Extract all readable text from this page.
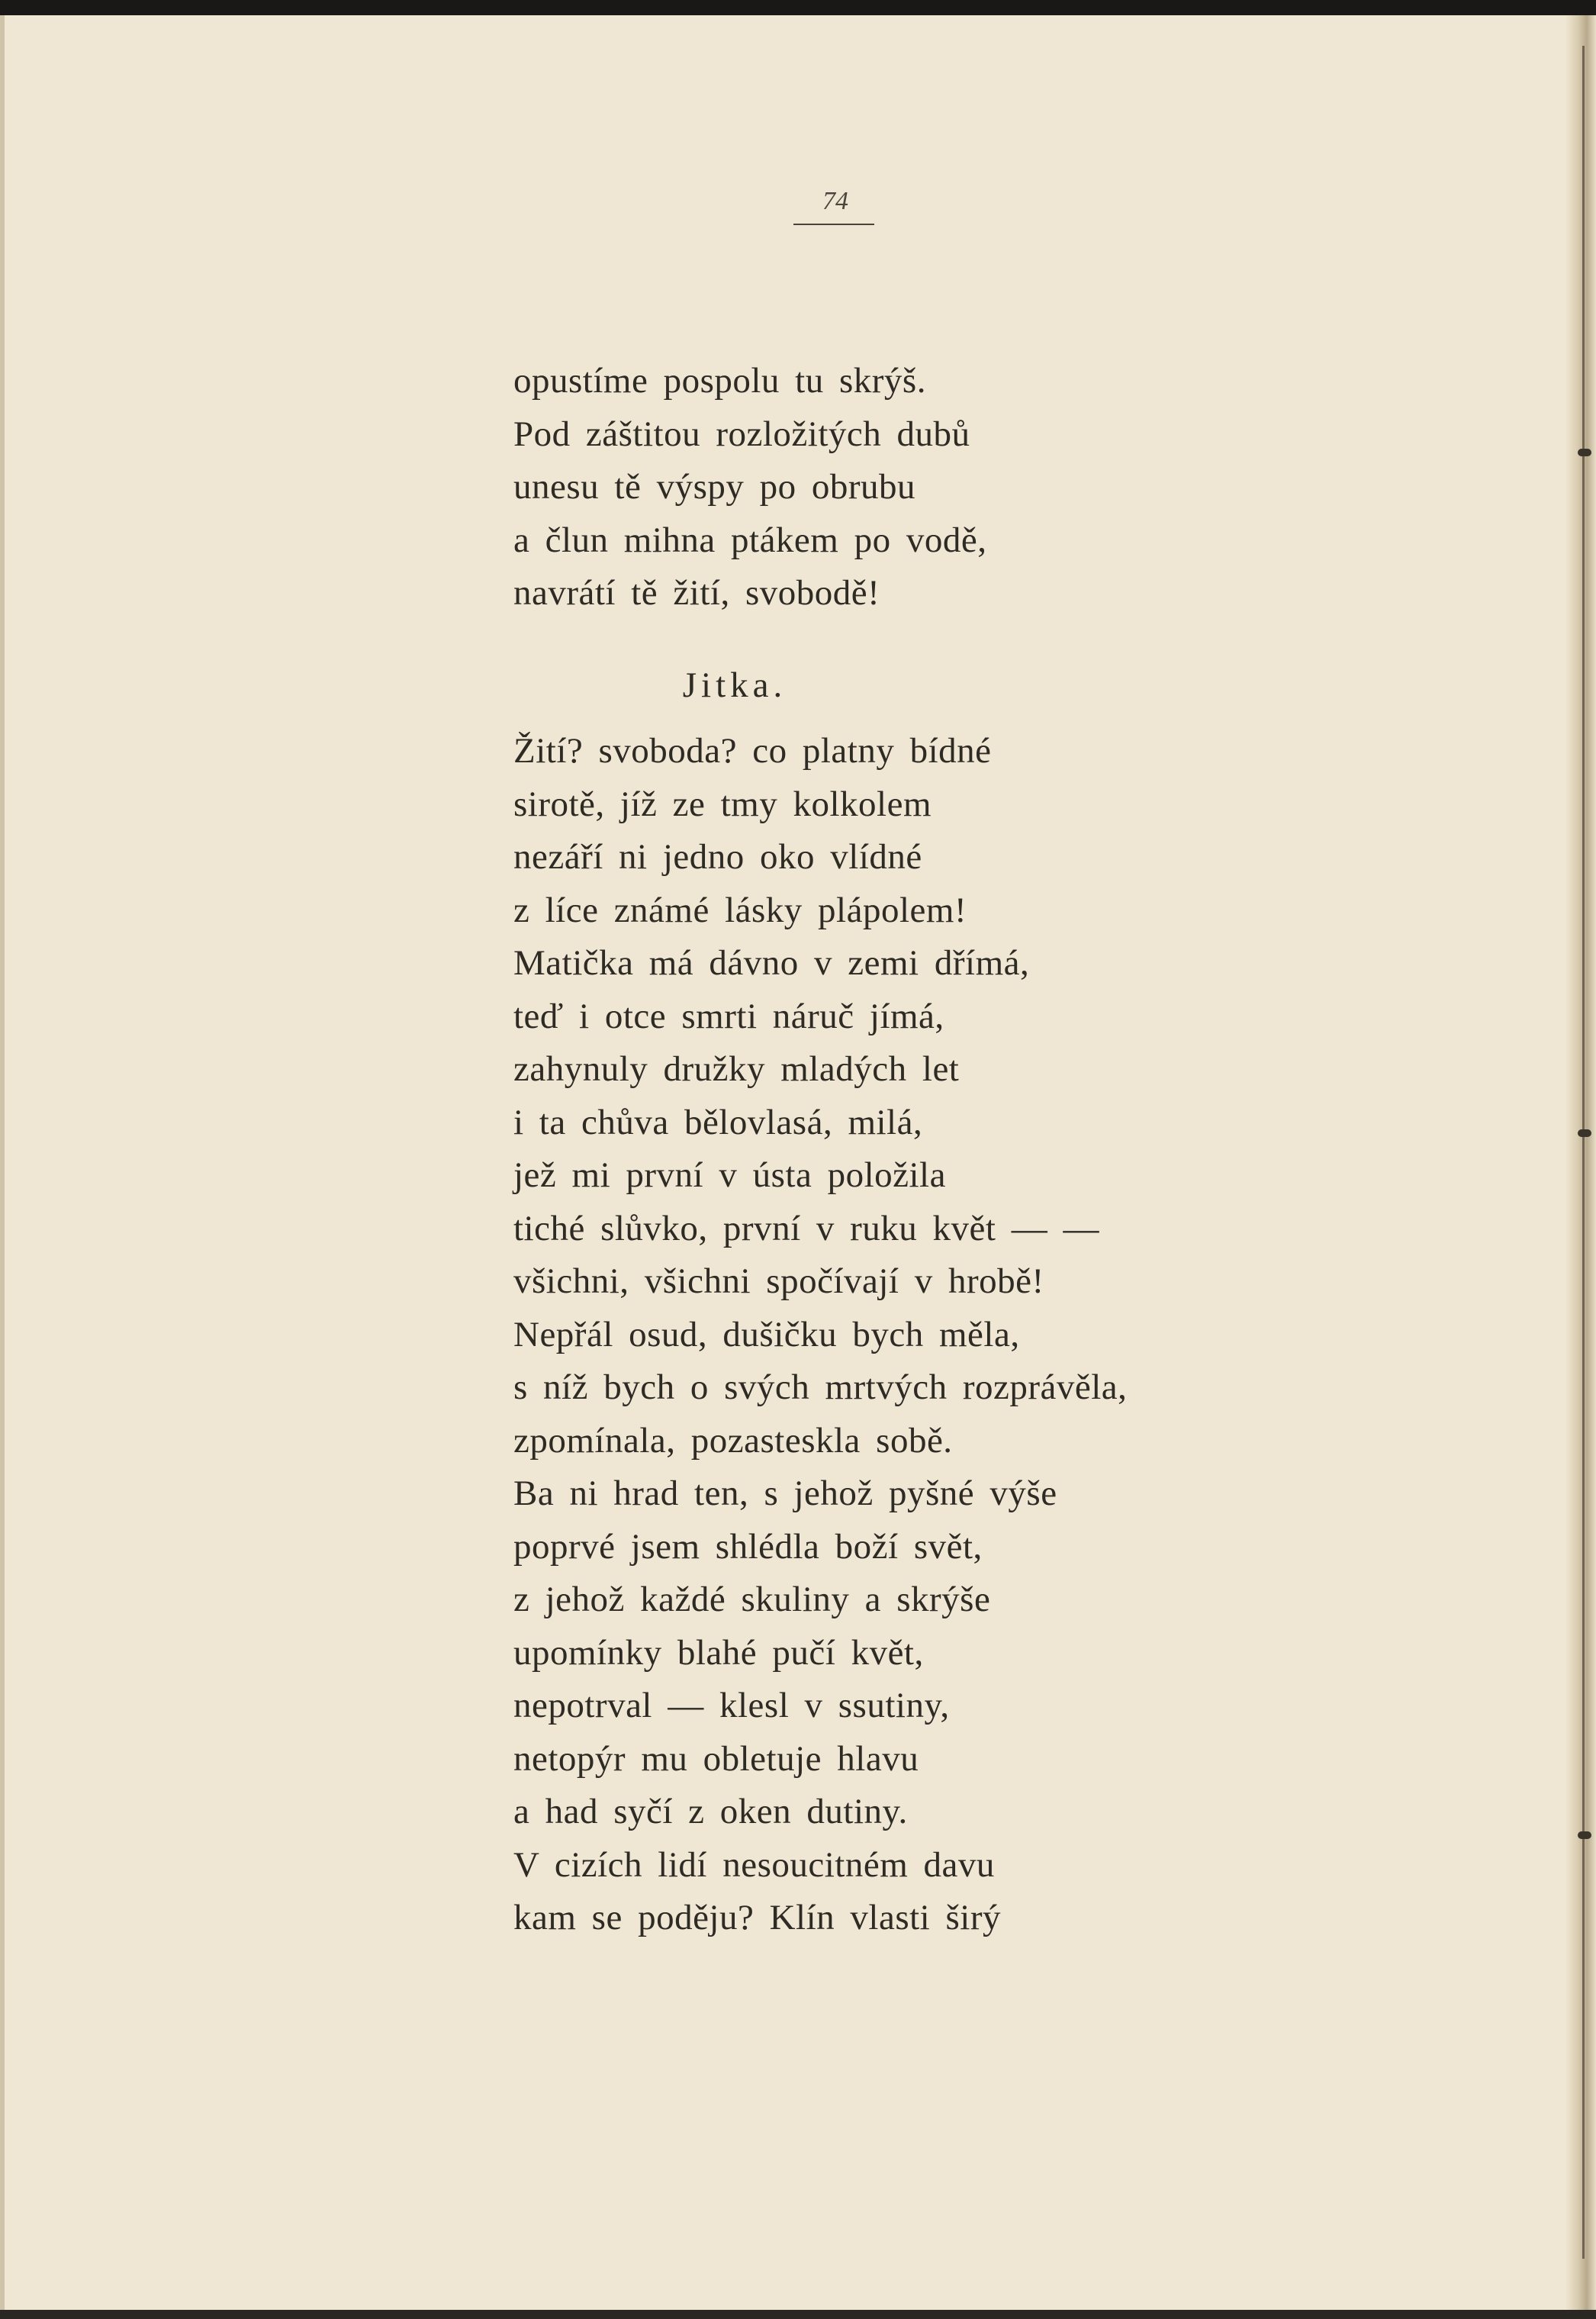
74
opustíme pospolu tu skrýš.
Pod záštitou rozložitých dubů
unesu tě výspy po obrubu
a člun mihna ptákem po vodě,
navrátí tě žití, svobodě!
Jitka.
Žití? svoboda? co platny bídné
sirotě, jíž ze tmy kolkolem
nezáří ni jedno oko vlídné
z líce známé lásky plápolem!
Matička má dávno v zemi dřímá,
teď i otce smrti náruč jímá,
zahynuly družky mladých let
i ta chůva bělovlasá, milá,
jež mi první v ústa položila
tiché slůvko, první v ruku květ — —
všichni, všichni spočívají v hrobě!
Nepřál osud, dušičku bych měla,
s níž bych o svých mrtvých rozprávěla,
zpomínala, pozasteskla sobě.
Ba ni hrad ten, s jehož pyšné výše
poprvé jsem shlédla boží svět,
z jehož každé skuliny a skrýše
upomínky blahé pučí květ,
nepotrval — klesl v ssutiny,
netopýr mu obletuje hlavu
a had syčí z oken dutiny.
V cizích lidí nesoucitném davu
kam se poděju? Klín vlasti širý
